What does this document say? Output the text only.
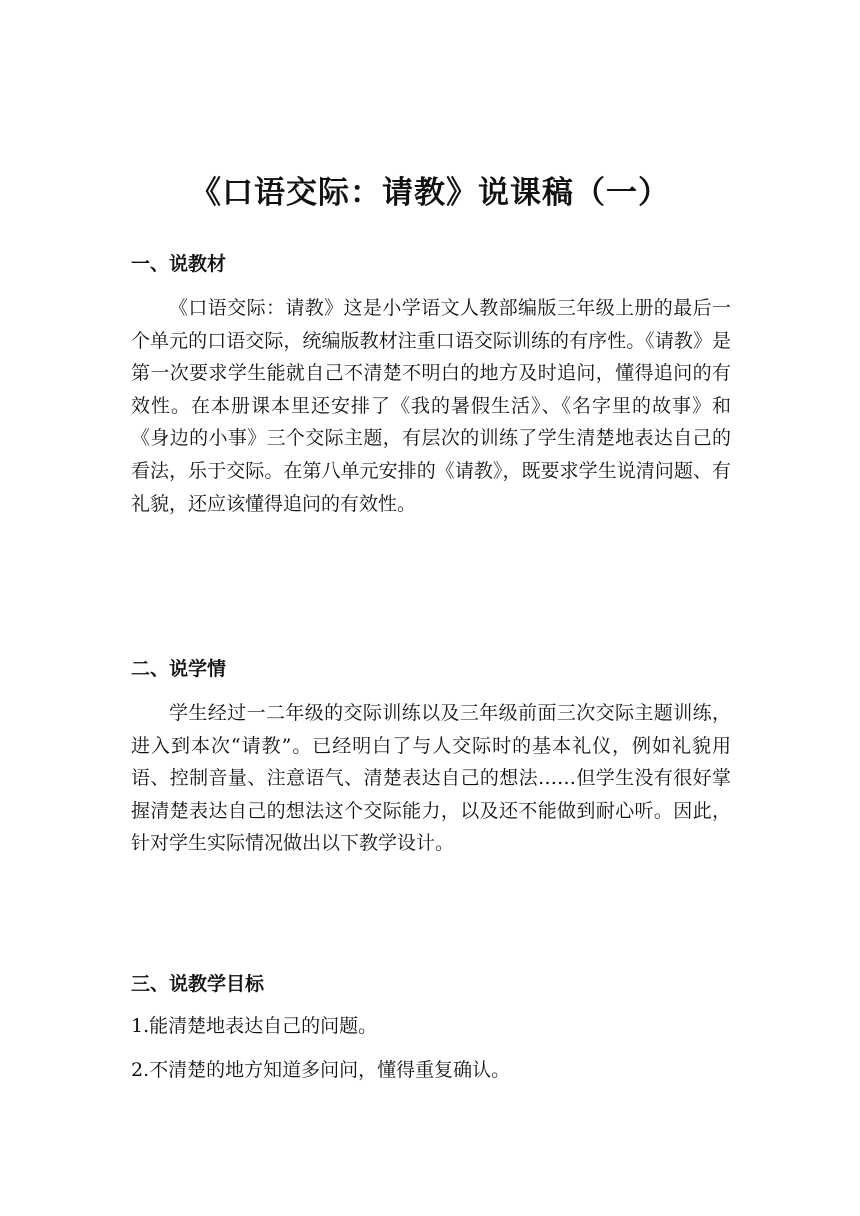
《口语交际：请教》说课稿（一）
一、说教材

《口语交际：请教》这是小学语文人教部编版三年级上册的最后一个单元的口语交际，统编版教材注重口语交际训练的有序性。《请教》是第一次要求学生能就自己不清楚不明白的地方及时追问，懂得追问的有效性。在本册课本里还安排了《我的暑假生活》、《名字里的故事》和《身边的小事》三个交际主题，有层次的训练了学生清楚地表达自己的看法，乐于交际。在第八单元安排的《请教》，既要求学生说清问题、有礼貌，还应该懂得追问的有效性。

二、说学情

学生经过一二年级的交际训练以及三年级前面三次交际主题训练，进入到本次“请教”。已经明白了与人交际时的基本礼仪，例如礼貌用语、控制音量、注意语气、清楚表达自己的想法……但学生没有很好掌握清楚表达自己的想法这个交际能力，以及还不能做到耐心听。因此，针对学生实际情况做出以下教学设计。

三、说教学目标

1.能清楚地表达自己的问题。

2.不清楚的地方知道多问问，懂得重复确认。
